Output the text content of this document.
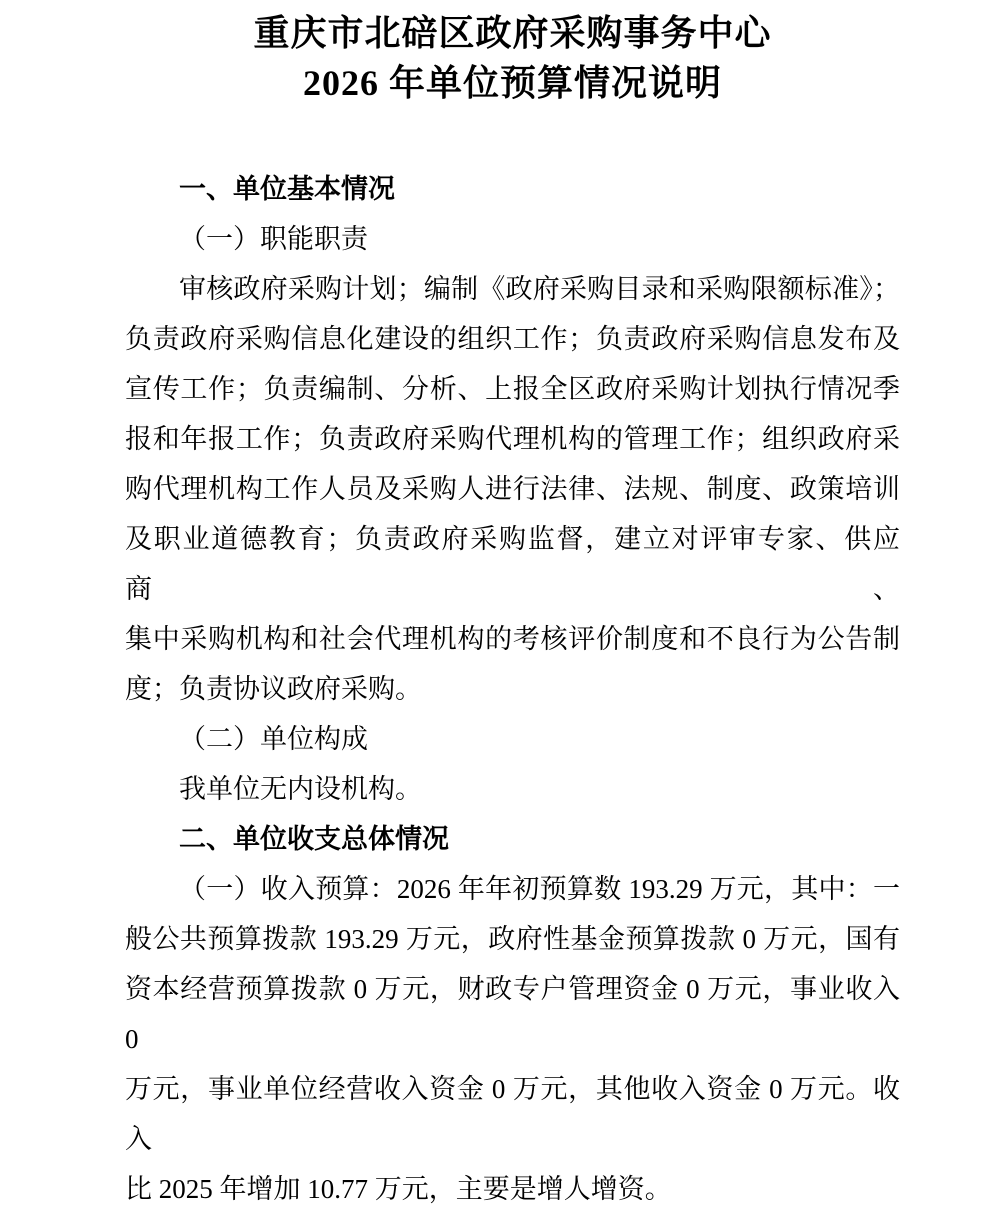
重庆市北碚区政府采购事务中心
2026 年单位预算情况说明
一、单位基本情况
（一）职能职责
审核政府采购计划；编制《政府采购目录和采购限额标准》；
负责政府采购信息化建设的组织工作；负责政府采购信息发布及
宣传工作；负责编制、分析、上报全区政府采购计划执行情况季
报和年报工作；负责政府采购代理机构的管理工作；组织政府采
购代理机构工作人员及采购人进行法律、法规、制度、政策培训
及职业道德教育；负责政府采购监督，建立对评审专家、供应商、
集中采购机构和社会代理机构的考核评价制度和不良行为公告制
度；负责协议政府采购。
（二）单位构成
我单位无内设机构。
二、单位收支总体情况
（一）收入预算：2026 年年初预算数 193.29 万元，其中：一
般公共预算拨款 193.29 万元，政府性基金预算拨款 0 万元，国有
资本经营预算拨款 0 万元，财政专户管理资金 0 万元，事业收入 0
万元，事业单位经营收入资金 0 万元，其他收入资金 0 万元。收入
比 2025 年增加 10.77 万元，主要是增人增资。
